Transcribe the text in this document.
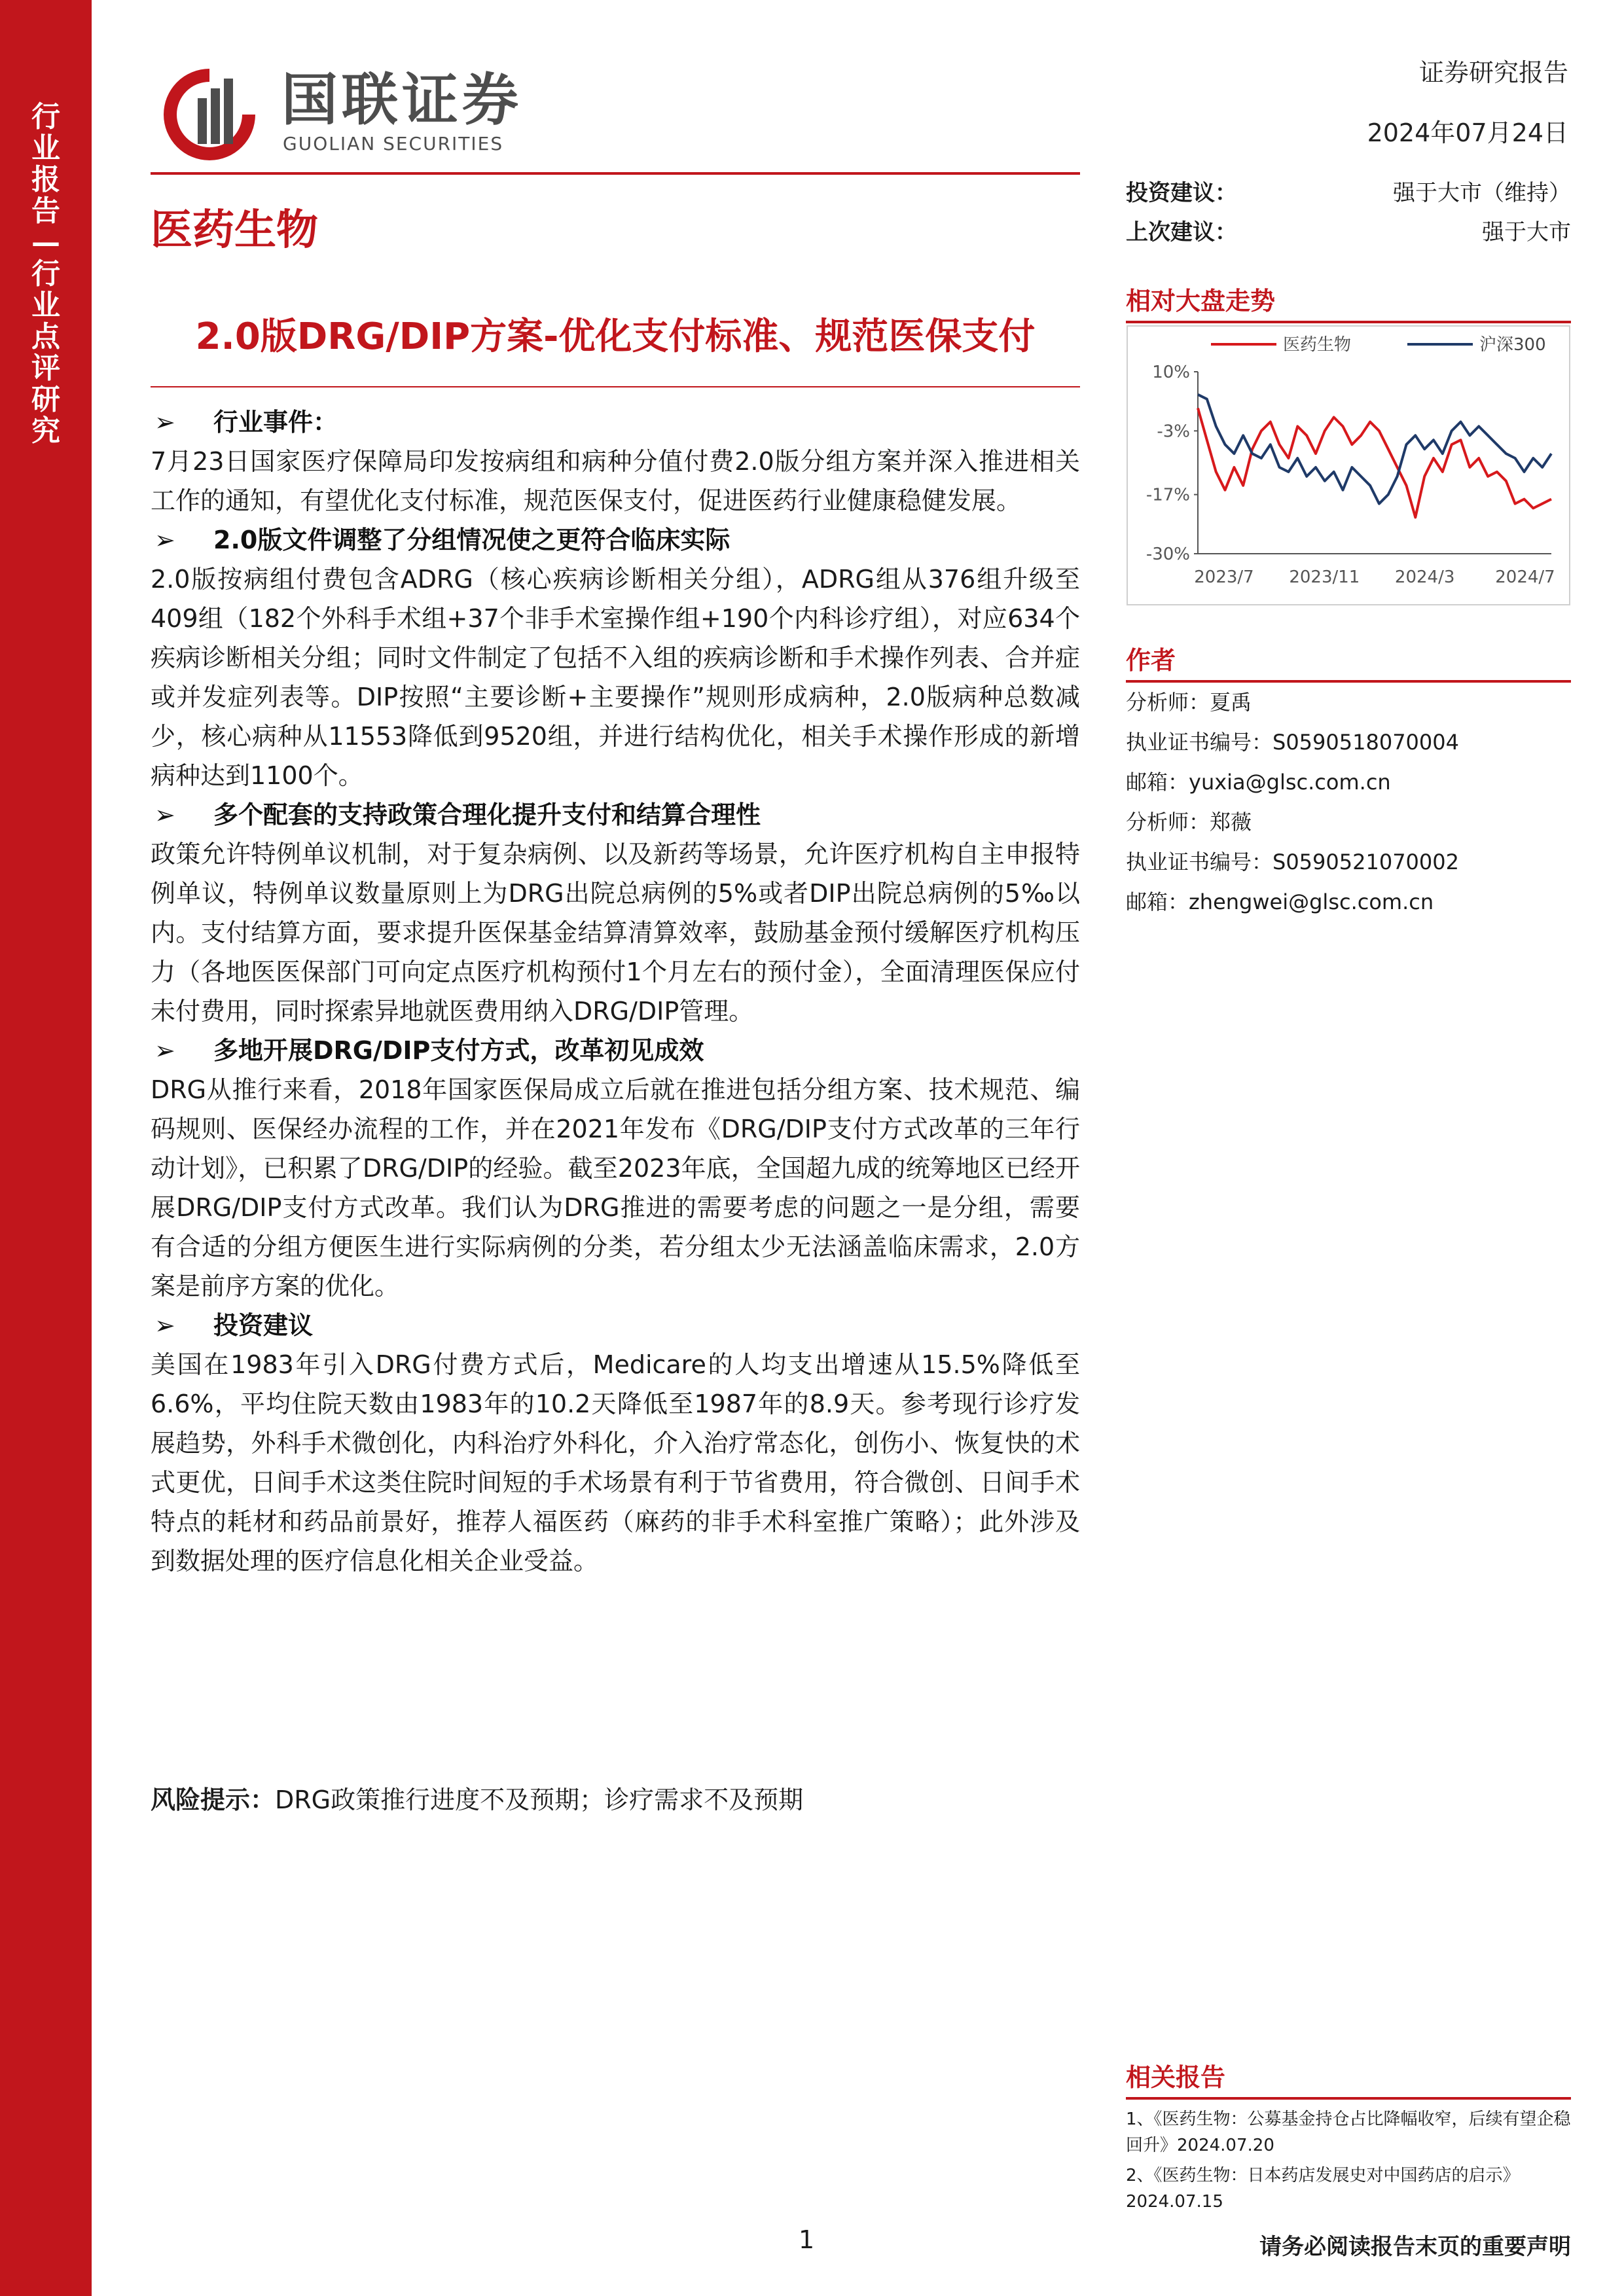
行业报告—行业点评研究
国联证券
GUOLIAN SECURITIES
证券研究报告
2024年07月24日
医药生物
2.0版DRG/DIP方案-优化支付标准、规范医保支付

➢ 行业事件：

7月23日国家医疗保障局印发按病组和病种分值付费2.0版分组方案并深入推进相关工作的通知，有望优化支付标准，规范医保支付，促进医药行业健康稳健发展。

➢ 2.0版文件调整了分组情况使之更符合临床实际

2.0版按病组付费包含ADRG（核心疾病诊断相关分组），ADRG组从376组升级至409组（182个外科手术组+37个非手术室操作组+190个内科诊疗组），对应634个疾病诊断相关分组；同时文件制定了包括不入组的疾病诊断和手术操作列表、合并症或并发症列表等。DIP按照“主要诊断+主要操作”规则形成病种，2.0版病种总数减少，核心病种从11553降低到9520组，并进行结构优化，相关手术操作形成的新增病种达到1100个。

➢ 多个配套的支持政策合理化提升支付和结算合理性

政策允许特例单议机制，对于复杂病例、以及新药等场景，允许医疗机构自主申报特例单议，特例单议数量原则上为DRG出院总病例的5%或者DIP出院总病例的5‰以内。支付结算方面，要求提升医保基金结算清算效率，鼓励基金预付缓解医疗机构压力（各地医医保部门可向定点医疗机构预付1个月左右的预付金），全面清理医保应付未付费用，同时探索异地就医费用纳入DRG/DIP管理。

➢ 多地开展DRG/DIP支付方式，改革初见成效

DRG从推行来看，2018年国家医保局成立后就在推进包括分组方案、技术规范、编码规则、医保经办流程的工作，并在2021年发布《DRG/DIP支付方式改革的三年行动计划》，已积累了DRG/DIP的经验。截至2023年底，全国超九成的统筹地区已经开展DRG/DIP支付方式改革。我们认为DRG推进的需要考虑的问题之一是分组，需要有合适的分组方便医生进行实际病例的分类，若分组太少无法涵盖临床需求，2.0方案是前序方案的优化。

➢ 投资建议

美国在1983年引入DRG付费方式后，Medicare的人均支出增速从15.5%降低至6.6%，平均住院天数由1983年的10.2天降低至1987年的8.9天。参考现行诊疗发展趋势，外科手术微创化，内科治疗外科化，介入治疗常态化，创伤小、恢复快的术式更优，日间手术这类住院时间短的手术场景有利于节省费用，符合微创、日间手术特点的耗材和药品前景好，推荐人福医药（麻药的非手术科室推广策略）；此外涉及到数据处理的医疗信息化相关企业受益。

风险提示：DRG政策推行进度不及预期；诊疗需求不及预期
投资建议：	强于大市（维持）
上次建议：	强于大市
相对大盘走势
10%
-3%
-17%
-30%
2023/7 2023/11 2024/3 2024/7
医药生物	沪深300
作者
分析师：夏禹
执业证书编号：S0590518070004
邮箱：yuxia@glsc.com.cn
分析师：郑薇
执业证书编号：S0590521070002
邮箱：zhengwei@glsc.com.cn
相关报告
1、《医药生物：公募基金持仓占比降幅收窄，后续有望企稳回升》2024.07.20
2、《医药生物：日本药店发展史对中国药店的启示》2024.07.15
1	请务必阅读报告末页的重要声明
